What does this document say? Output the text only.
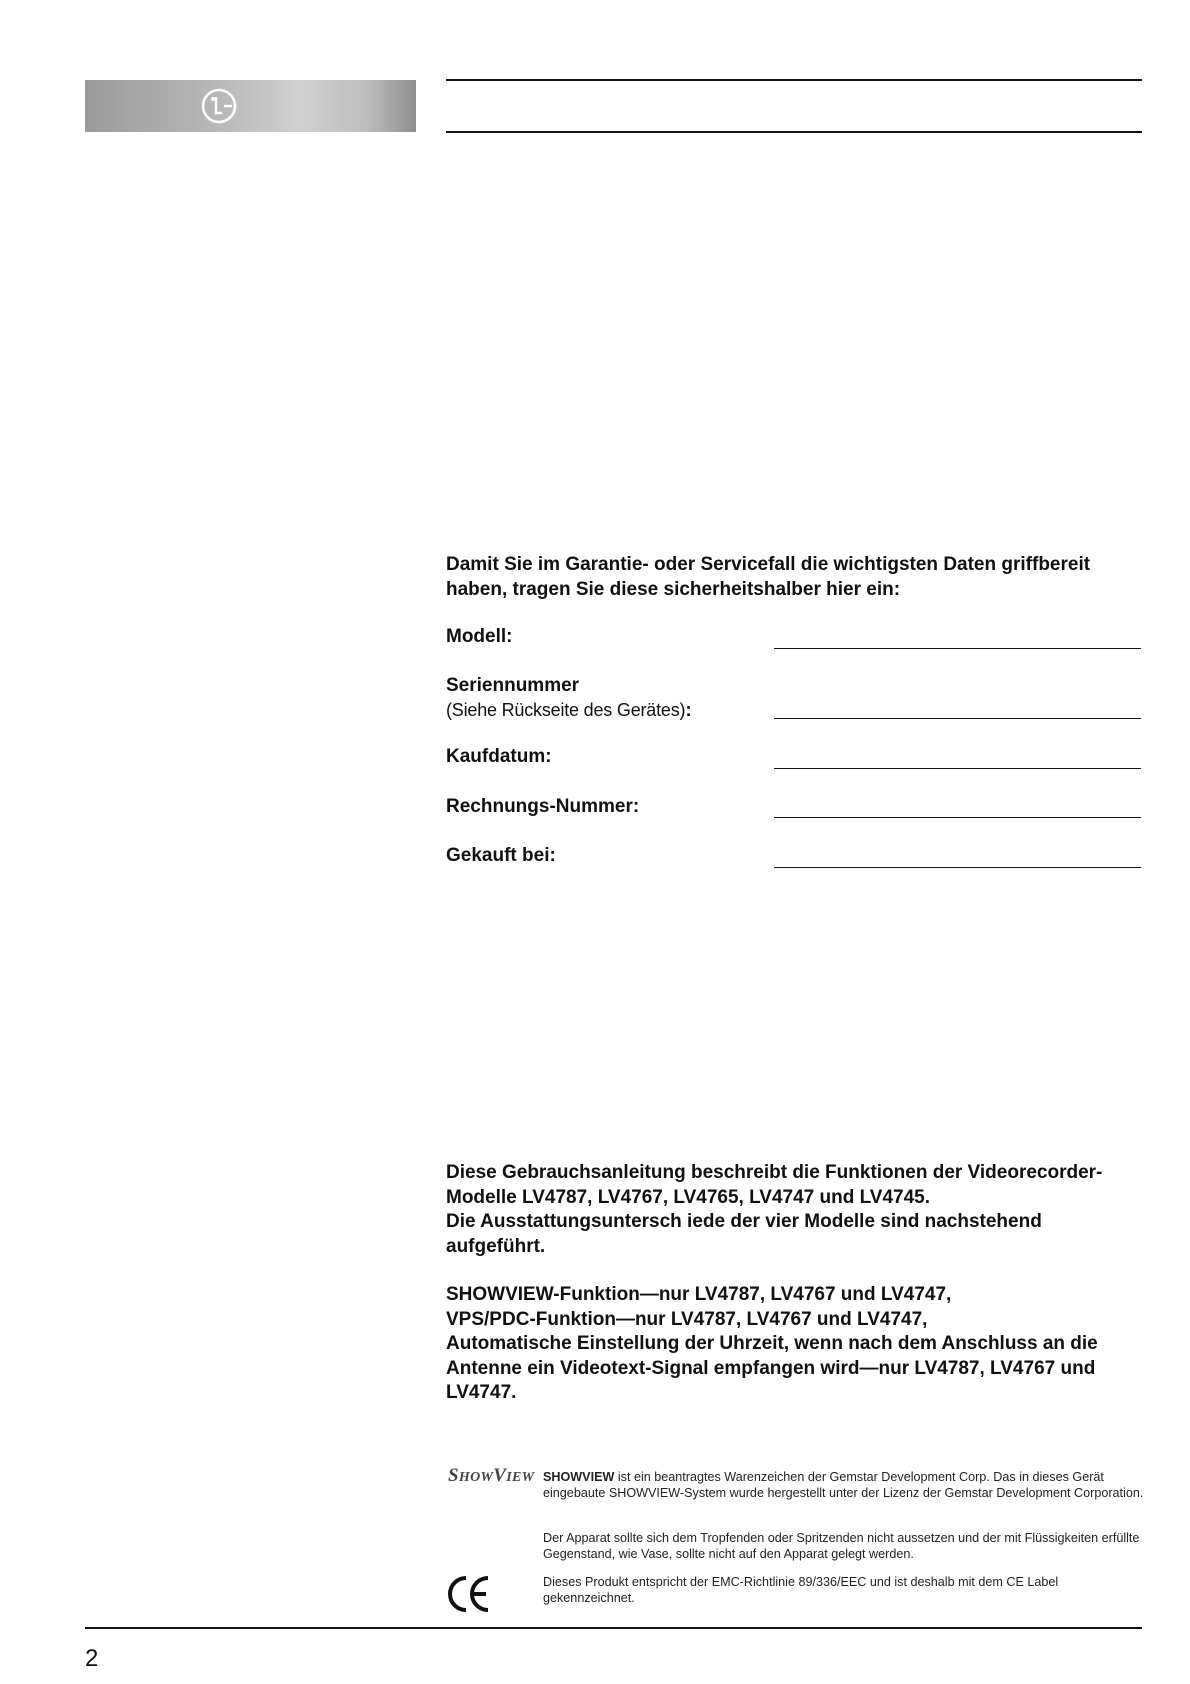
Damit Sie im Garantie- oder Servicefall die wichtigsten Daten griffbereit haben, tragen Sie diese sicherheitshalber hier ein:

Modell:
Seriennummer
(Siehe Rückseite des Gerätes):
Kaufdatum:
Rechnungs-Nummer:
Gekauft bei:

Diese Gebrauchsanleitung beschreibt die Funktionen der Videorecorder-Modelle LV4787, LV4767, LV4765, LV4747 und LV4745.

Die Ausstattungsuntersch iede der vier Modelle sind nachstehend aufgeführt.

SHOWVIEW-Funktion—nur LV4787, LV4767 und LV4747,

VPS/PDC-Funktion—nur LV4787, LV4767 und LV4747,

Automatische Einstellung der Uhrzeit, wenn nach dem Anschluss an die Antenne ein Videotext-Signal empfangen wird—nur LV4787, LV4767 und LV4747.

SHOWVIEW SHOWVIEW ist ein beantragtes Warenzeichen der Gemstar Development Corp. Das in dieses Gerät eingebaute SHOWVIEW-System wurde hergestellt unter der Lizenz der Gemstar Development Corporation.

Der Apparat sollte sich dem Tropfenden oder Spritzenden nicht aussetzen und der mit Flüssigkeiten erfüllte Gegenstand, wie Vase, sollte nicht auf den Apparat gelegt werden.

Dieses Produkt entspricht der EMC-Richtlinie 89/336/EEC und ist deshalb mit dem CE Label gekennzeichnet.

2
